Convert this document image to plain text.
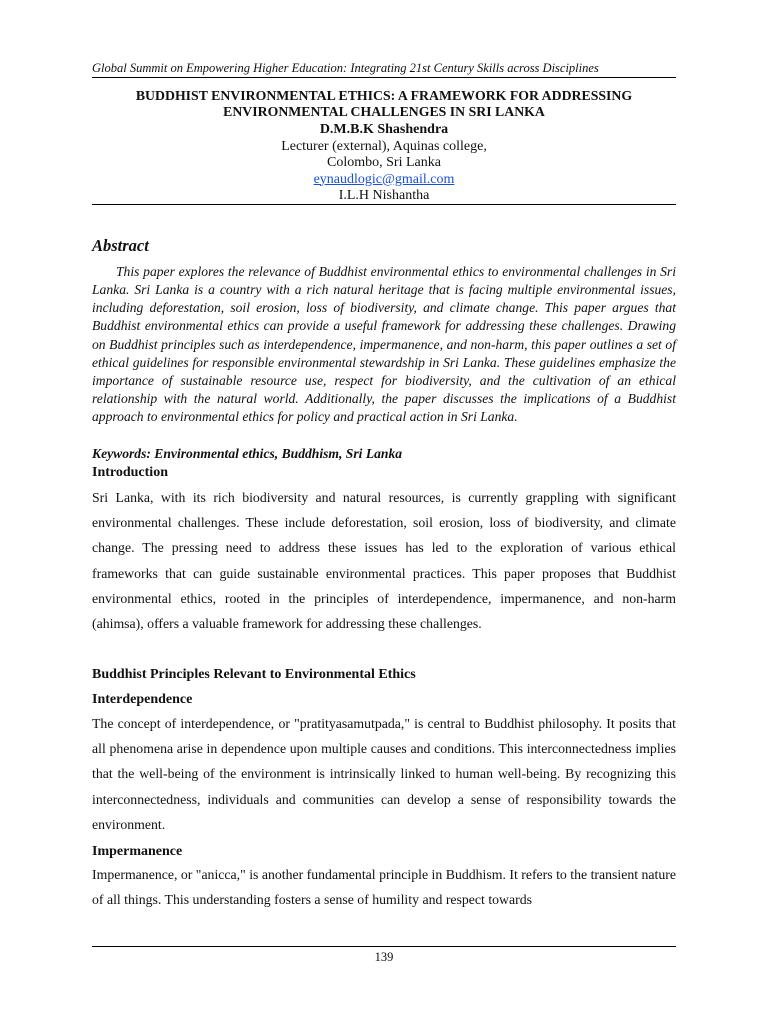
Global Summit on Empowering Higher Education: Integrating 21st Century Skills across Disciplines
BUDDHIST ENVIRONMENTAL ETHICS: A FRAMEWORK FOR ADDRESSING
ENVIRONMENTAL CHALLENGES IN SRI LANKA
D.M.B.K Shashendra
Lecturer (external), Aquinas college,
Colombo, Sri Lanka
eynaudlogic@gmail.com
I.L.H Nishantha
Abstract

This paper explores the relevance of Buddhist environmental ethics to environmental challenges in Sri Lanka. Sri Lanka is a country with a rich natural heritage that is facing multiple environmental issues, including deforestation, soil erosion, loss of biodiversity, and climate change. This paper argues that Buddhist environmental ethics can provide a useful framework for addressing these challenges. Drawing on Buddhist principles such as interdependence, impermanence, and non-harm, this paper outlines a set of ethical guidelines for responsible environmental stewardship in Sri Lanka. These guidelines emphasize the importance of sustainable resource use, respect for biodiversity, and the cultivation of an ethical relationship with the natural world. Additionally, the paper discusses the implications of a Buddhist approach to environmental ethics for policy and practical action in Sri Lanka.

Keywords: Environmental ethics, Buddhism, Sri Lanka
Introduction

Sri Lanka, with its rich biodiversity and natural resources, is currently grappling with significant environmental challenges. These include deforestation, soil erosion, loss of biodiversity, and climate change. The pressing need to address these issues has led to the exploration of various ethical frameworks that can guide sustainable environmental practices. This paper proposes that Buddhist environmental ethics, rooted in the principles of interdependence, impermanence, and non-harm (ahimsa), offers a valuable framework for addressing these challenges.

Buddhist Principles Relevant to Environmental Ethics
Interdependence

The concept of interdependence, or "pratityasamutpada," is central to Buddhist philosophy. It posits that all phenomena arise in dependence upon multiple causes and conditions. This interconnectedness implies that the well-being of the environment is intrinsically linked to human well-being. By recognizing this interconnectedness, individuals and communities can develop a sense of responsibility towards the environment.

Impermanence

Impermanence, or "anicca," is another fundamental principle in Buddhism. It refers to the transient nature of all things. This understanding fosters a sense of humility and respect towards

139
